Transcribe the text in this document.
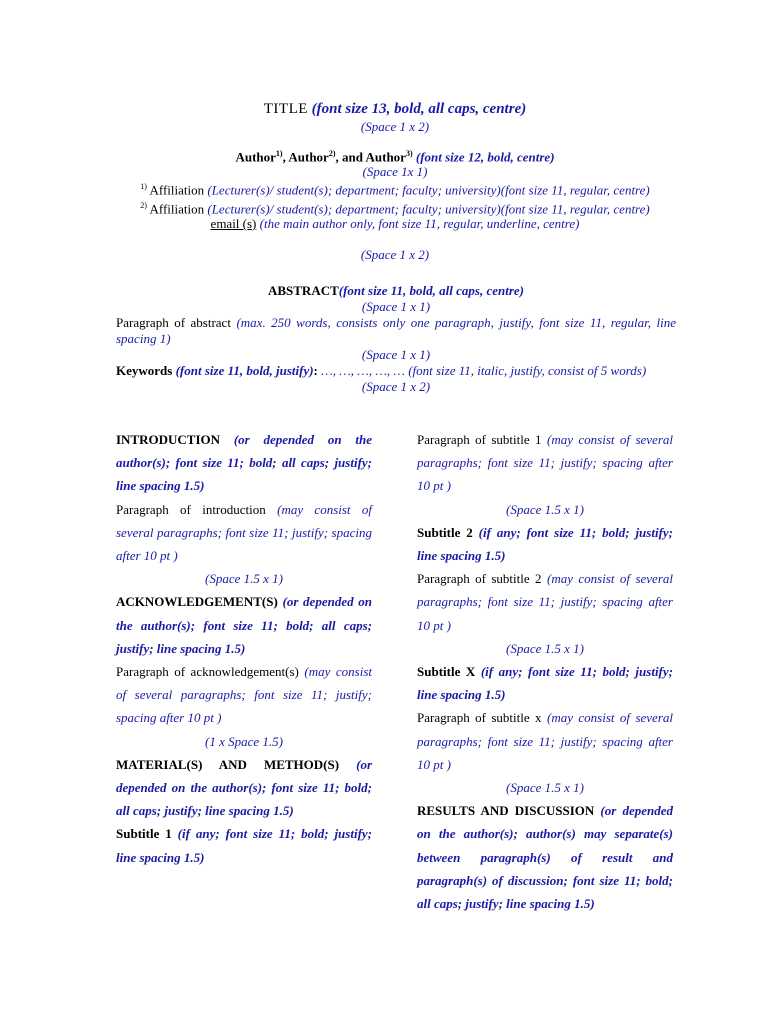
TITLE (font size 13, bold, all caps, centre)
(Space 1 x 2)
Author$^{1)}$, Author$^{2)}$, and Author$^{3)}$ (font size 12, bold, centre)
(Space 1x 1)
$^{1)}$ Affiliation (Lecturer(s)/ student(s); department; faculty; university)(font size 11, regular, centre)
$^{2)}$ Affiliation (Lecturer(s)/ student(s); department; faculty; university)(font size 11, regular, centre)
email (s) (the main author only, font size 11, regular, underline, centre)
(Space 1 x 2)
ABSTRACT(font size 11, bold, all caps, centre)
(Space 1 x 1)
Paragraph of abstract (max. 250 words, consists only one paragraph, justify, font size 11, regular, line spacing 1)
(Space 1 x 1)
Keywords (font size 11, bold, justify): …, …, …, …, … (font size 11, italic, justify, consist of 5 words)
(Space 1 x 2)

INTRODUCTION (or depended on the author(s); font size 11; bold; all caps; justify; line spacing 1.5)

Paragraph of introduction (may consist of several paragraphs; font size 11; justify; spacing after 10 pt )

(Space 1.5 x 1)

ACKNOWLEDGEMENT(S) (or depended on the author(s); font size 11; bold; all caps; justify; line spacing 1.5)

Paragraph of acknowledgement(s) (may consist of several paragraphs; font size 11; justify; spacing after 10 pt )

(1 x Space 1.5)

MATERIAL(S) AND METHOD(S) (or depended on the author(s); font size 11; bold; all caps; justify; line spacing 1.5)

Subtitle 1 (if any; font size 11; bold; justify; line spacing 1.5)

Paragraph of subtitle 1 (may consist of several paragraphs; font size 11; justify; spacing after 10 pt )

(Space 1.5 x 1)

Subtitle 2 (if any; font size 11; bold; justify; line spacing 1.5)

Paragraph of subtitle 2 (may consist of several paragraphs; font size 11; justify; spacing after 10 pt )

(Space 1.5 x 1)

Subtitle X (if any; font size 11; bold; justify; line spacing 1.5)

Paragraph of subtitle x (may consist of several paragraphs; font size 11; justify; spacing after 10 pt )

(Space 1.5 x 1)

RESULTS AND DISCUSSION (or depended on the author(s); author(s) may separate(s) between paragraph(s) of result and paragraph(s) of discussion; font size 11; bold; all caps; justify; line spacing 1.5)
